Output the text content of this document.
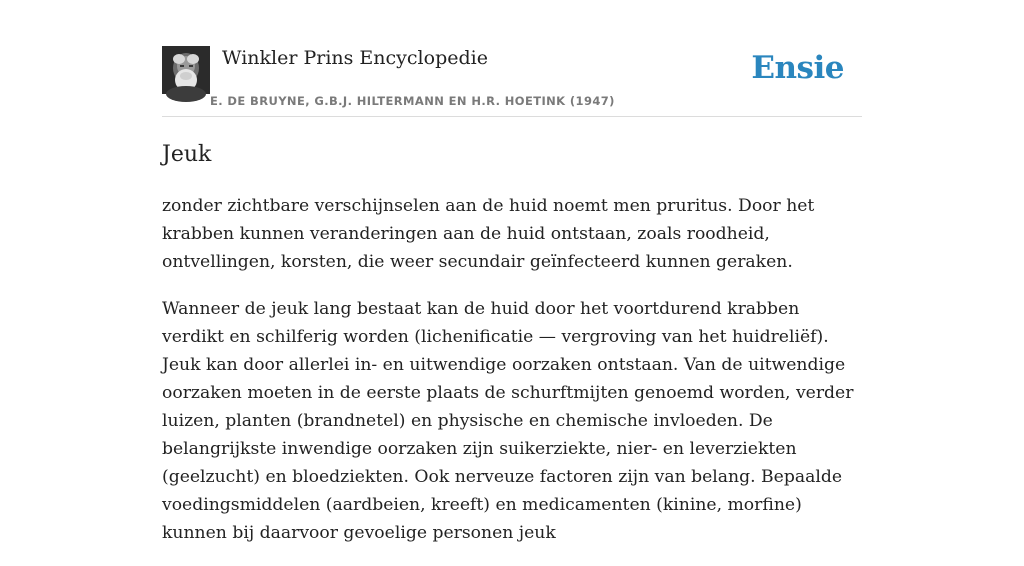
Winkler Prins Encyclopedie
E. DE BRUYNE, G.B.J. HILTERMANN EN H.R. HOETINK (1947)
Ensie
Jeuk

zonder zichtbare verschijnselen aan de huid noemt men pruritus. Door het krabben kunnen veranderingen aan de huid ontstaan, zoals roodheid, ontvellingen, korsten, die weer secundair geïnfecteerd kunnen geraken.

Wanneer de jeuk lang bestaat kan de huid door het voortdurend krabben verdikt en schilferig worden (lichenificatie — vergroving van het huidreliëf). Jeuk kan door allerlei in- en uitwendige oorzaken ontstaan. Van de uitwendige oorzaken moeten in de eerste plaats de schurftmijten genoemd worden, verder luizen, planten (brandnetel) en physische en chemische invloeden. De belangrijkste inwendige oorzaken zijn suikerziekte, nier- en leverziekten (geelzucht) en bloedziekten. Ook nerveuze factoren zijn van belang. Bepaalde voedingsmiddelen (aardbeien, kreeft) en medicamenten (kinine, morfine) kunnen bij daarvoor gevoelige personen jeuk
